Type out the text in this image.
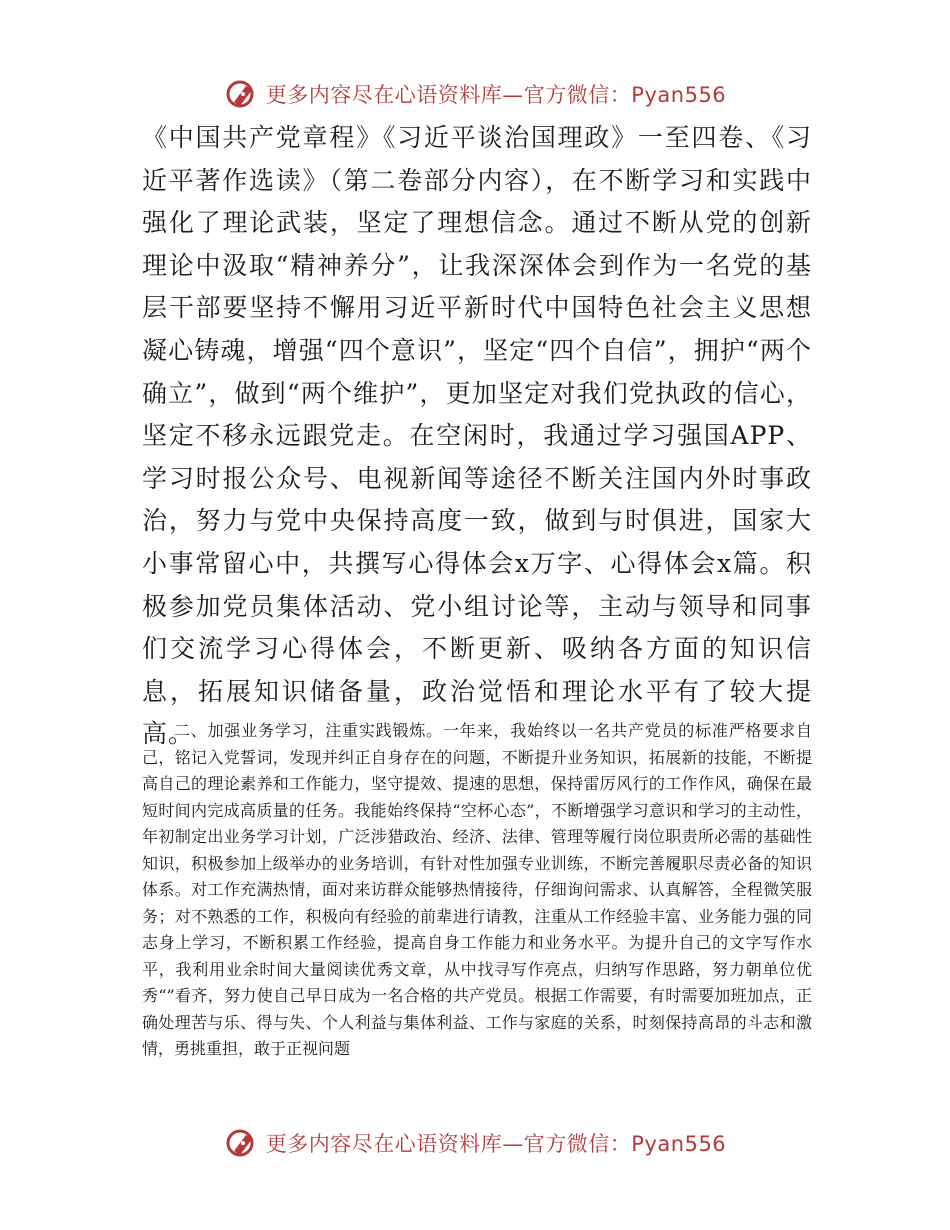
更多内容尽在心语资料库—官方微信：Pyan556

《中国共产党章程》《习近平谈治国理政》一至四卷、《习近平著作选读》（第二卷部分内容），在不断学习和实践中强化了理论武装，坚定了理想信念。通过不断从党的创新理论中汲取“精神养分”，让我深深体会到作为一名党的基层干部要坚持不懈用习近平新时代中国特色社会主义思想凝心铸魂，增强“四个意识”，坚定“四个自信”，拥护“两个确立”，做到“两个维护”，更加坚定对我们党执政的信心，坚定不移永远跟党走。在空闲时，我通过学习强国APP、学习时报公众号、电视新闻等途径不断关注国内外时事政治，努力与党中央保持高度一致，做到与时俱进，国家大小事常留心中，共撰写心得体会x万字、心得体会x篇。积极参加党员集体活动、党小组讨论等，主动与领导和同事们交流学习心得体会，不断更新、吸纳各方面的知识信息，拓展知识储备量，政治觉悟和理论水平有了较大提高。

二、加强业务学习，注重实践锻炼。一年来，我始终以一名共产党员的标准严格要求自己，铭记入党誓词，发现并纠正自身存在的问题，不断提升业务知识，拓展新的技能，不断提高自己的理论素养和工作能力，坚守提效、提速的思想，保持雷厉风行的工作作风，确保在最短时间内完成高质量的任务。我能始终保持“空杯心态”，不断增强学习意识和学习的主动性，年初制定出业务学习计划，广泛涉猎政治、经济、法律、管理等履行岗位职责所必需的基础性知识，积极参加上级举办的业务培训，有针对性加强专业训练，不断完善履职尽责必备的知识体系。对工作充满热情，面对来访群众能够热情接待，仔细询问需求、认真解答，全程微笑服务；对不熟悉的工作，积极向有经验的前辈进行请教，注重从工作经验丰富、业务能力强的同志身上学习，不断积累工作经验，提高自身工作能力和业务水平。为提升自己的文字写作水平，我利用业余时间大量阅读优秀文章，从中找寻写作亮点，归纳写作思路，努力朝单位优秀“”看齐，努力使自己早日成为一名合格的共产党员。根据工作需要，有时需要加班加点，正确处理苦与乐、得与失、个人利益与集体利益、工作与家庭的关系，时刻保持高昂的斗志和激情，勇挑重担，敢于正视问题

更多内容尽在心语资料库—官方微信：Pyan556
